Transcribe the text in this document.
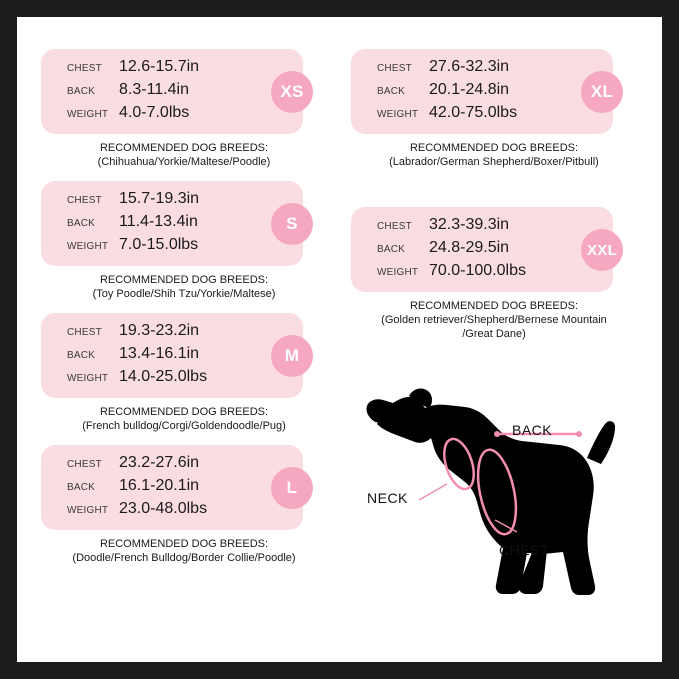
CHEST	12.6-15.7in
BACK	8.3-11.4in
WEIGHT 4.0-7.0lbs
XS
RECOMMENDED DOG BREEDS:
(Chihuahua/Yorkie/Maltese/Poodle)
CHEST	15.7-19.3in
BACK	11.4-13.4in
WEIGHT 7.0-15.0lbs
S
RECOMMENDED DOG BREEDS:
(Toy Poodle/Shih Tzu/Yorkie/Maltese)
CHEST	19.3-23.2in
BACK	13.4-16.1in
WEIGHT 14.0-25.0lbs
M
RECOMMENDED DOG BREEDS:
(French bulldog/Corgi/Goldendoodle/Pug)
CHEST	23.2-27.6in
BACK	16.1-20.1in
WEIGHT 23.0-48.0lbs
L
RECOMMENDED DOG BREEDS:
(Doodle/French Bulldog/Border Collie/Poodle)
CHEST	27.6-32.3in
BACK	20.1-24.8in
WEIGHT 42.0-75.0lbs
XL
RECOMMENDED DOG BREEDS:
(Labrador/German Shepherd/Boxer/Pitbull)
CHEST	32.3-39.3in
BACK	24.8-29.5in
WEIGHT 70.0-100.0lbs
XXL
RECOMMENDED DOG BREEDS:
(Golden retriever/Shepherd/Bernese Mountain
/Great Dane)
BACK
NECK
CHEST
